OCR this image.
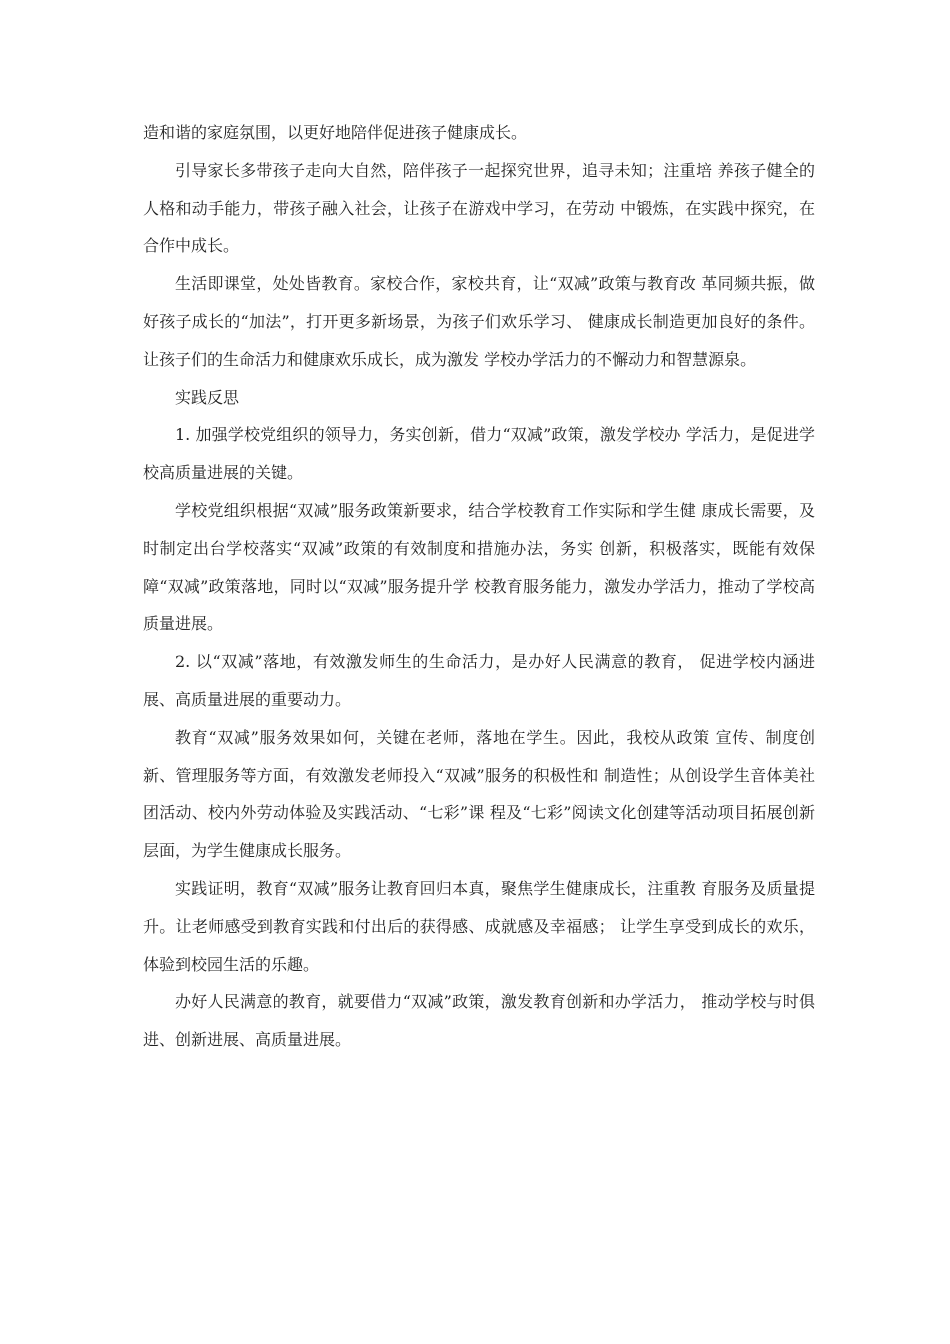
造和谐的家庭氛围，以更好地陪伴促进孩子健康成长。

引导家长多带孩子走向大自然，陪伴孩子一起探究世界，追寻未知；注重培 养孩子健全的人格和动手能力，带孩子融入社会，让孩子在游戏中学习，在劳动 中锻炼，在实践中探究，在合作中成长。

生活即课堂，处处皆教育。家校合作，家校共育，让“双减”政策与教育改 革同频共振，做好孩子成长的“加法”，打开更多新场景，为孩子们欢乐学习、 健康成长制造更加良好的条件。让孩子们的生命活力和健康欢乐成长，成为激发 学校办学活力的不懈动力和智慧源泉。

实践反思

1. 加强学校党组织的领导力，务实创新，借力“双减”政策，激发学校办 学活力，是促进学校高质量进展的关键。

学校党组织根据“双减”服务政策新要求，结合学校教育工作实际和学生健 康成长需要，及时制定出台学校落实“双减”政策的有效制度和措施办法，务实 创新，积极落实，既能有效保障“双减”政策落地，同时以“双减”服务提升学 校教育服务能力，激发办学活力，推动了学校高质量进展。

2. 以“双减”落地，有效激发师生的生命活力，是办好人民满意的教育， 促进学校内涵进展、高质量进展的重要动力。

教育“双减”服务效果如何，关键在老师，落地在学生。因此，我校从政策 宣传、制度创新、管理服务等方面，有效激发老师投入“双减”服务的积极性和 制造性；从创设学生音体美社团活动、校内外劳动体验及实践活动、“七彩”课 程及“七彩”阅读文化创建等活动项目拓展创新层面，为学生健康成长服务。

实践证明，教育“双减”服务让教育回归本真，聚焦学生健康成长，注重教 育服务及质量提升。让老师感受到教育实践和付出后的获得感、成就感及幸福感； 让学生享受到成长的欢乐，体验到校园生活的乐趣。

办好人民满意的教育，就要借力“双减”政策，激发教育创新和办学活力， 推动学校与时俱进、创新进展、高质量进展。
